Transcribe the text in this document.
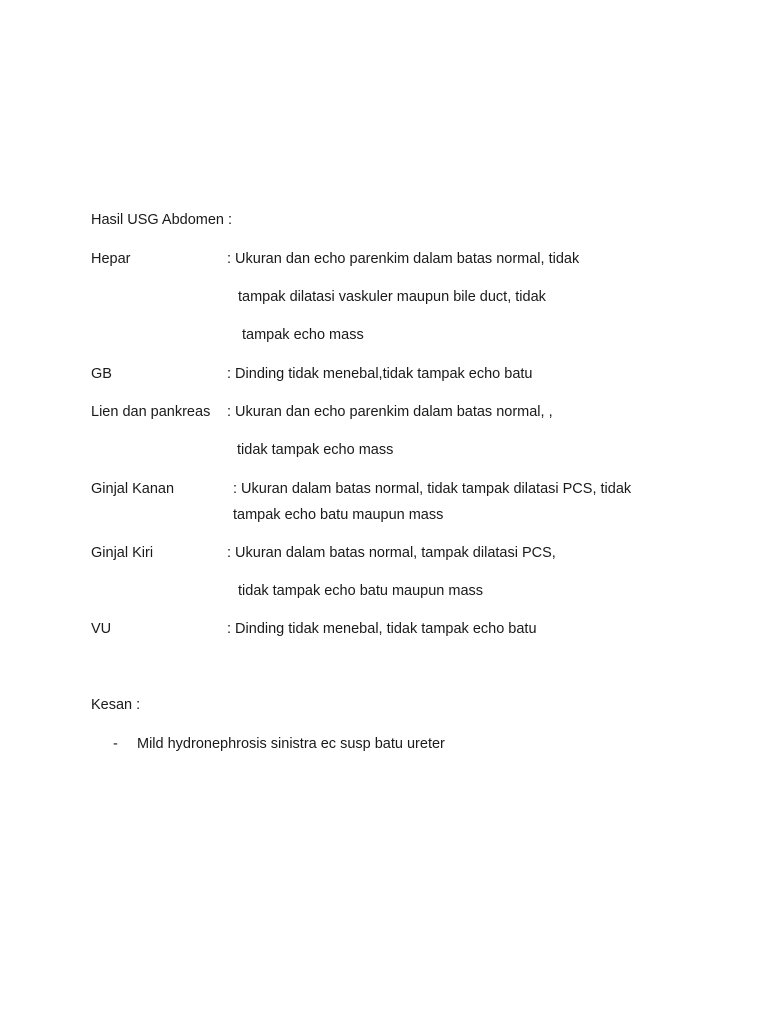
Hasil USG Abdomen :
Hepar	: Ukuran dan echo parenkim dalam batas normal, tidak
tampak dilatasi vaskuler maupun bile duct, tidak
tampak echo mass
GB	: Dinding tidak menebal,tidak tampak echo batu
Lien dan pankreas : Ukuran dan echo parenkim dalam batas normal, ,
tidak tampak echo mass
Ginjal Kanan	: Ukuran dalam batas normal, tidak tampak dilatasi PCS, tidak
tampak echo batu maupun mass
Ginjal Kiri	: Ukuran dalam batas normal, tampak dilatasi PCS,
tidak tampak echo batu maupun mass
VU	: Dinding tidak menebal, tidak tampak echo batu
Kesan :
- Mild hydronephrosis sinistra ec susp batu ureter
